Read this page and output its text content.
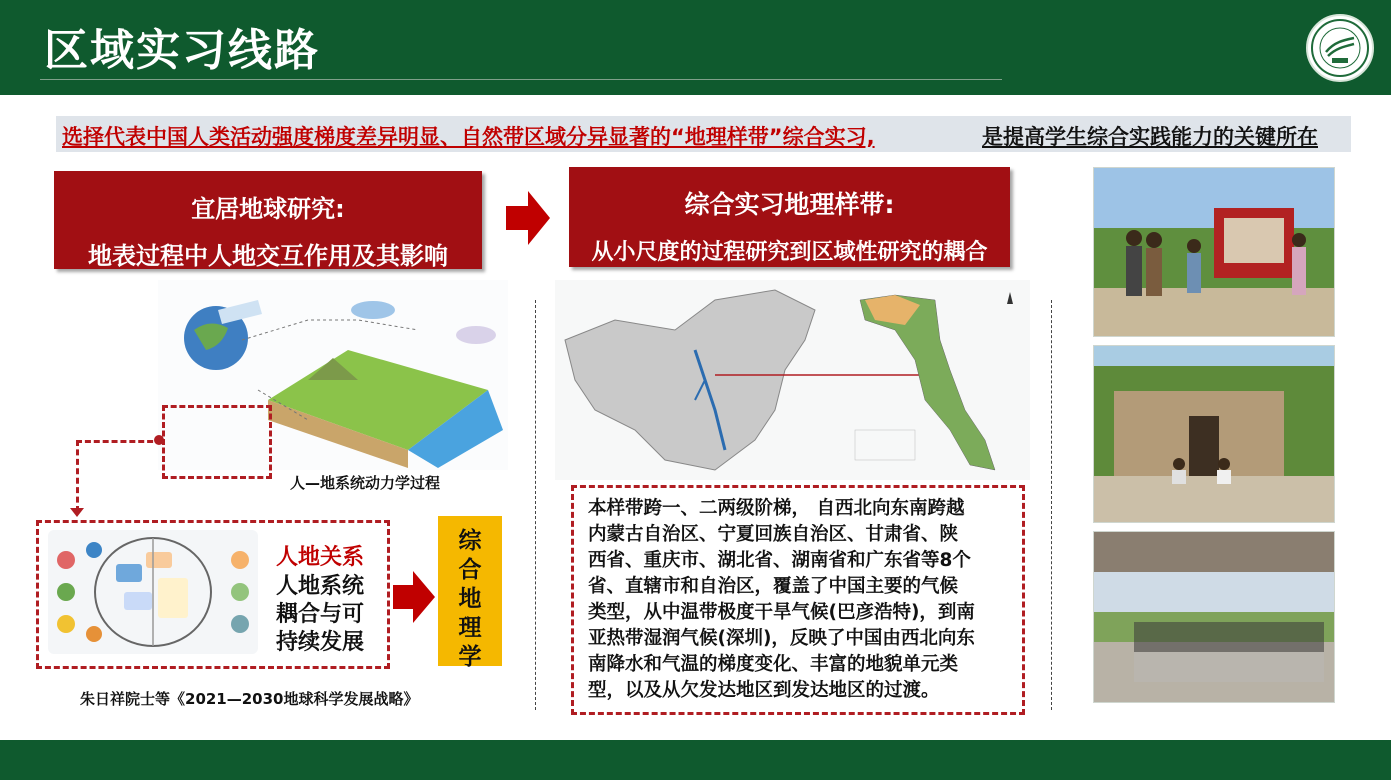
区域实习线路
选择代表中国人类活动强度梯度差异明显、自然带区域分异显著的“地理样带”综合实习,	是提高学生综合实践能力的关键所在
宜居地球研究:
地表过程中人地交互作用及其影响
综合实习地理样带:
从小尺度的过程研究到区域性研究的耦合
人—地系统动力学过程
人地关系
人地系统
耦合与可
持续发展
综
合
地
理
学
朱日祥院士等《2021—2030地球科学发展战略》
本样带跨一、二两级阶梯， 自西北向东南跨越
内蒙古自治区、宁夏回族自治区、甘肃省、陕
西省、重庆市、湖北省、湖南省和广东省等8个
省、直辖市和自治区，覆盖了中国主要的气候
类型，从中温带极度干旱气候(巴彦浩特)，到南
亚热带湿润气候(深圳)，反映了中国由西北向东
南降水和气温的梯度变化、丰富的地貌单元类
型，以及从欠发达地区到发达地区的过渡。
